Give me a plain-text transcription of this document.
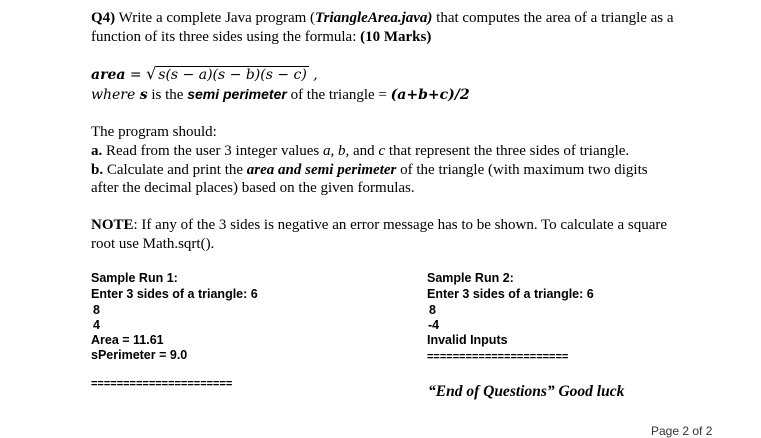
Q4) Write a complete Java program (TriangleArea.java) that computes the area of a triangle as a
function of its three sides using the formula: (10 Marks)
area = √ s(s − a)(s − b)(s − c) ,
where s is the semi perimeter of the triangle = (a+b+c)/2
The program should:
a. Read from the user 3 integer values a, b, and c that represent the three sides of triangle.
b. Calculate and print the area and semi perimeter of the triangle (with maximum two digits
after the decimal places) based on the given formulas.
NOTE: If any of the 3 sides is negative an error message has to be shown. To calculate a square
root use Math.sqrt().
Sample Run 1:
Enter 3 sides of a triangle: 6
8
4
Area = 11.61
sPerimeter = 9.0
======================
Sample Run 2:
Enter 3 sides of a triangle: 6
8
-4
Invalid Inputs
======================
“End of Questions” Good luck
Page 2 of 2
